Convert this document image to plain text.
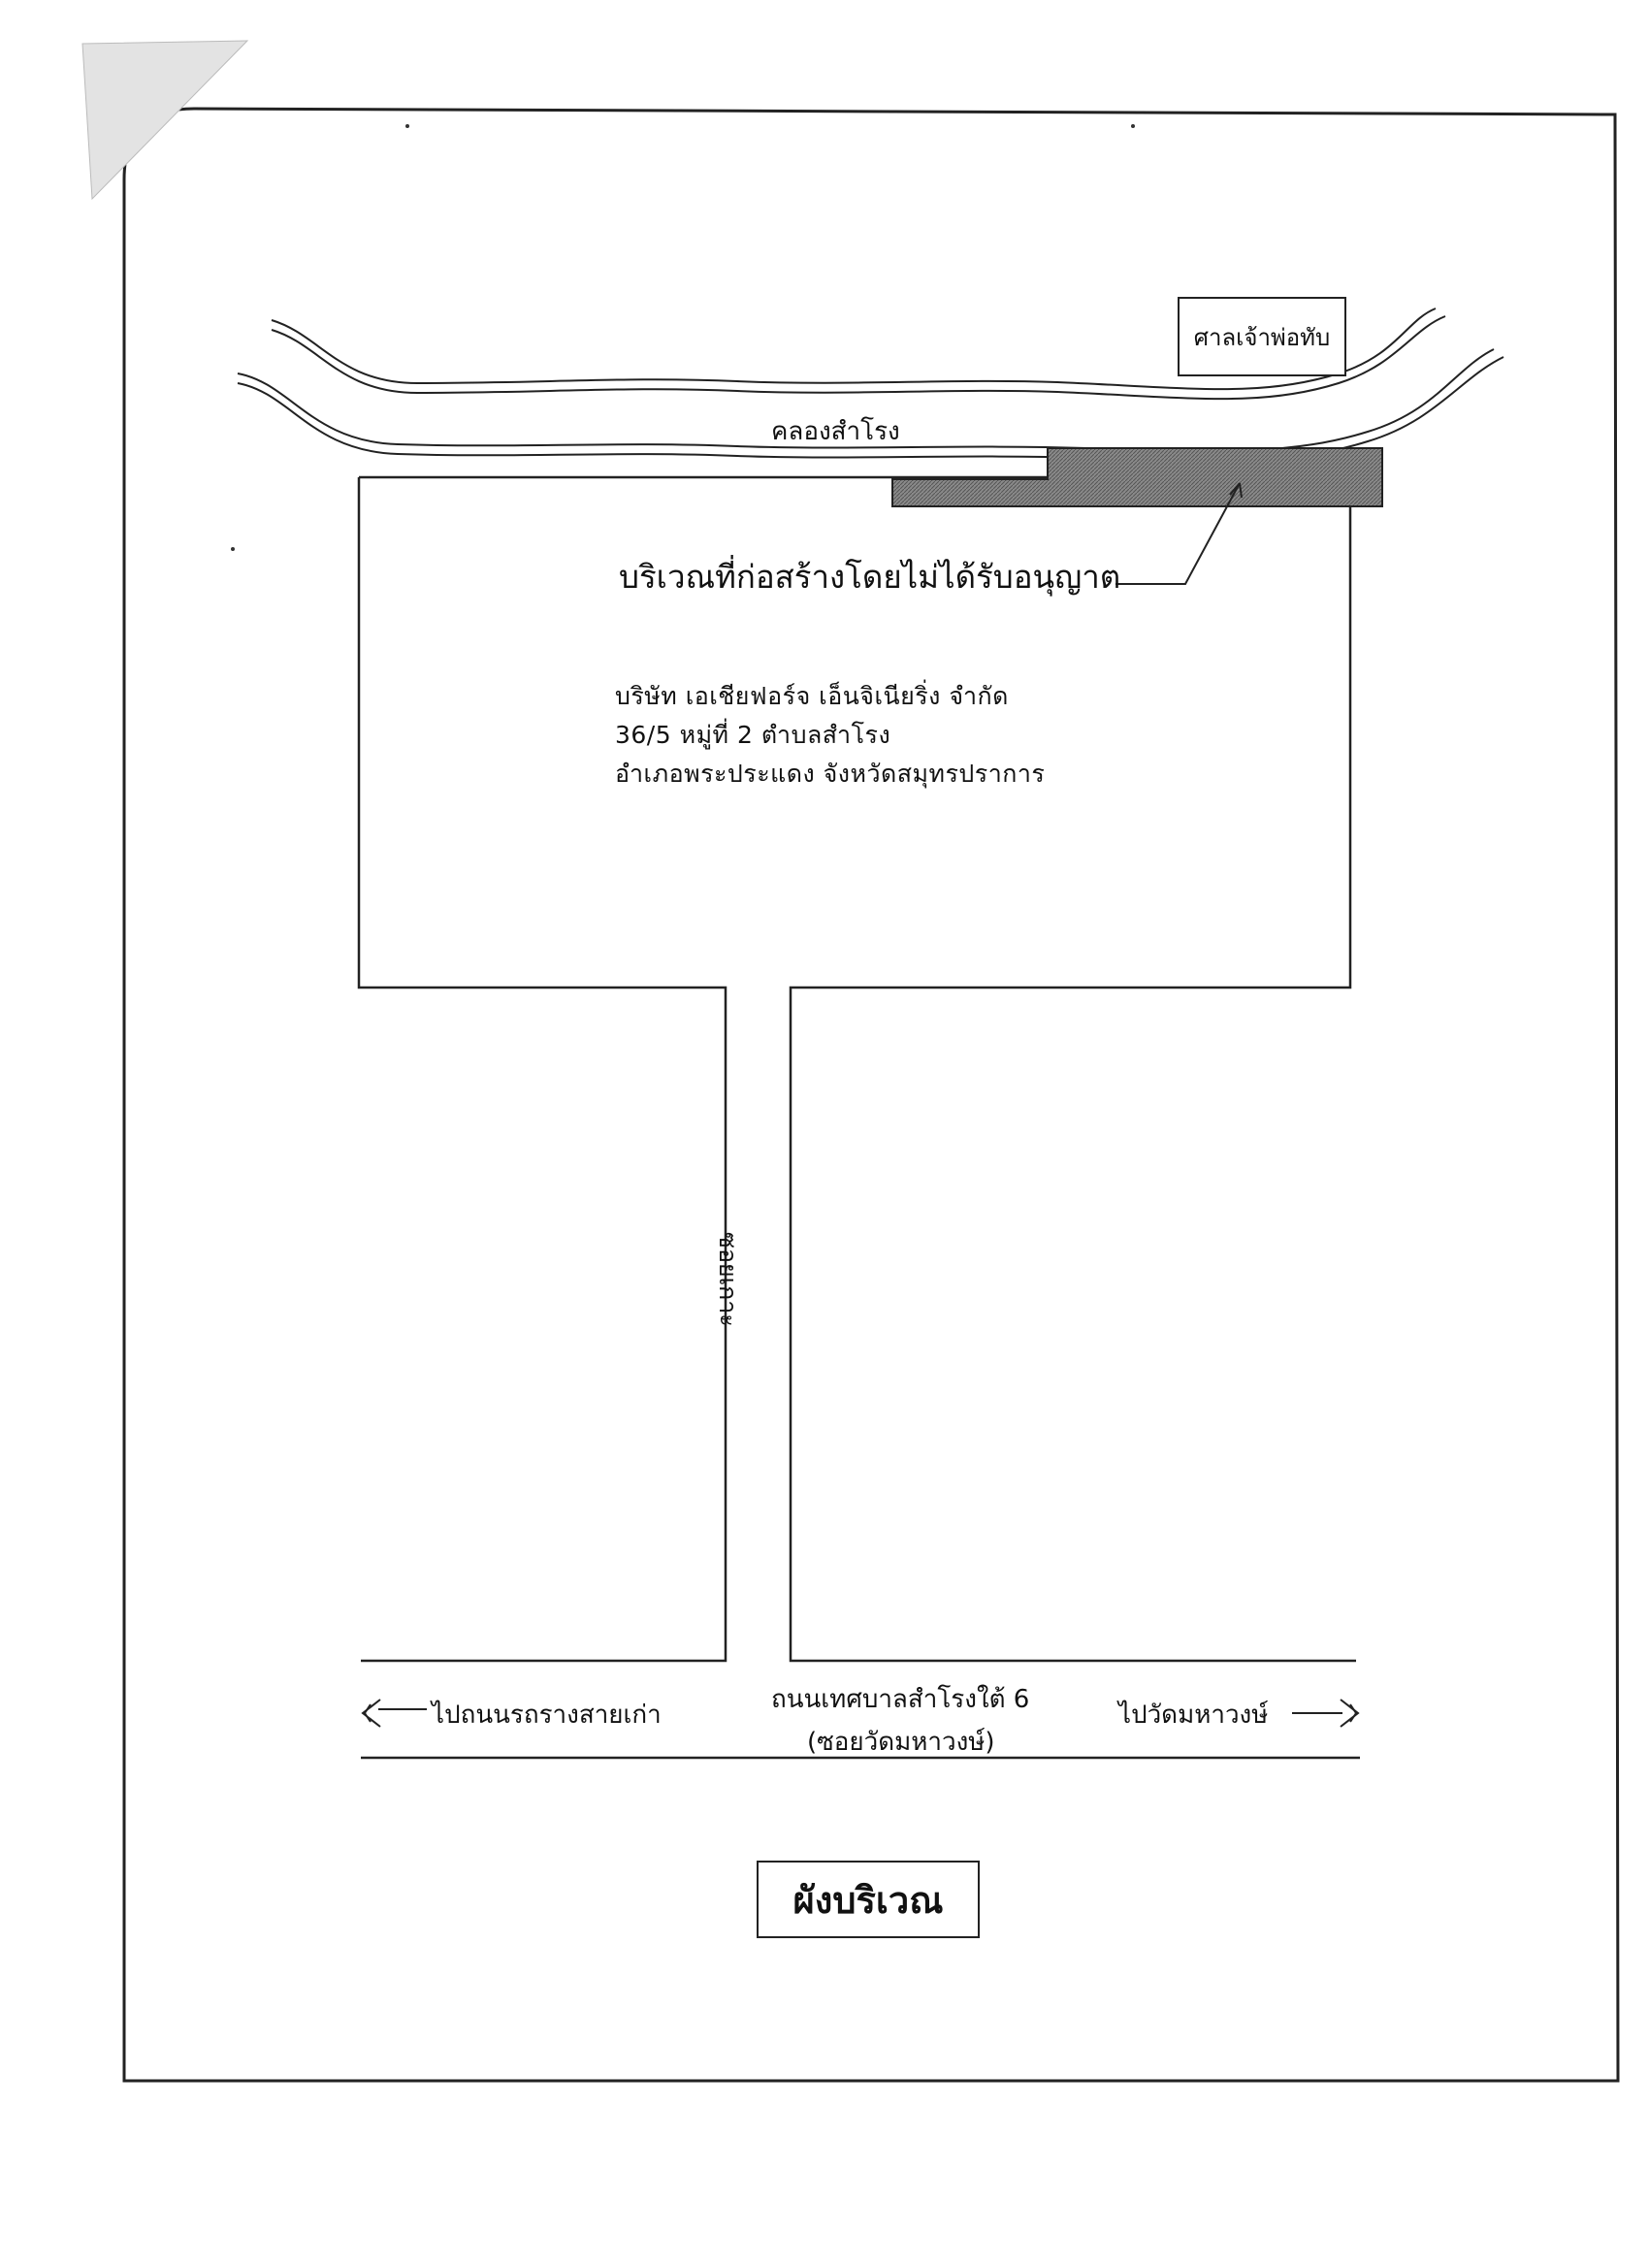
ศาลเจ้าพ่อทับ
คลองสำโรง
บริเวณที่ก่อสร้างโดยไม่ได้รับอนุญาต
บริษัท เอเชียฟอร์จ เอ็นจิเนียริ่ง จำกัด
36/5 หมู่ที่ 2 ตำบลสำโรง
อำเภอพระประแดง จังหวัดสมุทรปราการ
ซอยเกาะ
ถนนเทศบาลสำโรงใต้ 6
(ซอยวัดมหาวงษ์)
ไปถนนรถรางสายเก่า	ไปวัดมหาวงษ์
ผังบริเวณ
